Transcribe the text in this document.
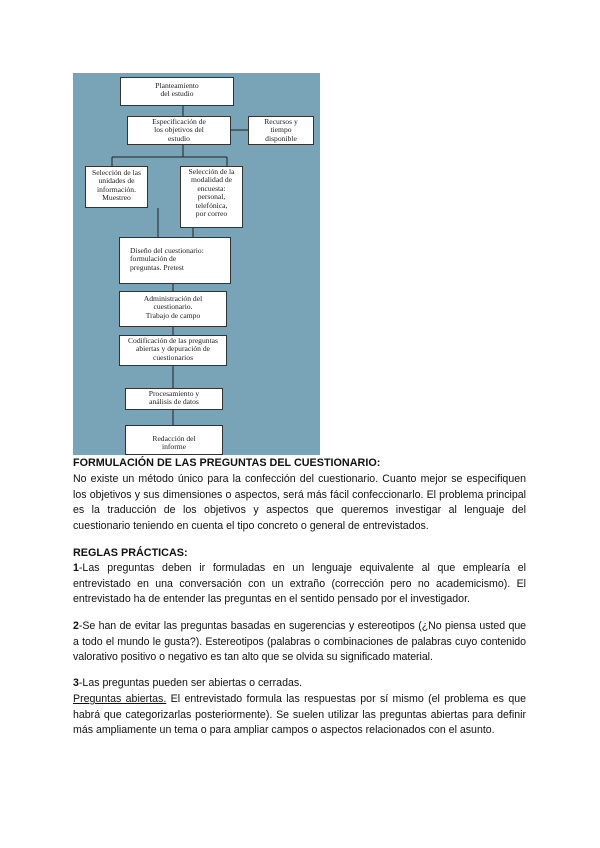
Planteamiento
del estudio
Especificación de
los objetivos del
estudio
Recursos y
tiempo
disponible
Selección de las
unidades de
información.
Muestreo
Selección de la
modalidad de
encuesta:
personal,
telefónica,
por correo
Diseño del cuestionario:
formulación de
preguntas. Pretest
Administración del
cuestionario.
Trabajo de campo
Codificación de las preguntas
abiertas y depuración de
cuestionarios
Procesamiento y
análisis de datos
Redacción del
informe
FORMULACIÓN DE LAS PREGUNTAS DEL CUESTIONARIO:
No existe un método único para la confección del cuestionario. Cuanto mejor se especifiquen los objetivos y sus dimensiones o aspectos, será más fácil confeccionarlo. El problema principal es la traducción de los objetivos y aspectos que queremos investigar al lenguaje del cuestionario teniendo en cuenta el tipo concreto o general de entrevistados.
REGLAS PRÁCTICAS:
1-Las preguntas deben ir formuladas en un lenguaje equivalente al que emplearía el entrevistado en una conversación con un extraño (corrección pero no academicismo). El entrevistado ha de entender las preguntas en el sentido pensado por el investigador.
2-Se han de evitar las preguntas basadas en sugerencias y estereotipos (¿No piensa usted que a todo el mundo le gusta?). Estereotipos (palabras o combinaciones de palabras cuyo contenido valorativo positivo o negativo es tan alto que se olvida su significado material.
3-Las preguntas pueden ser abiertas o cerradas.
Preguntas abiertas. El entrevistado formula las respuestas por sí mismo (el problema es que habrá que categorizarlas posteriormente). Se suelen utilizar las preguntas abiertas para definir más ampliamente un tema o para ampliar campos o aspectos relacionados con el asunto.
